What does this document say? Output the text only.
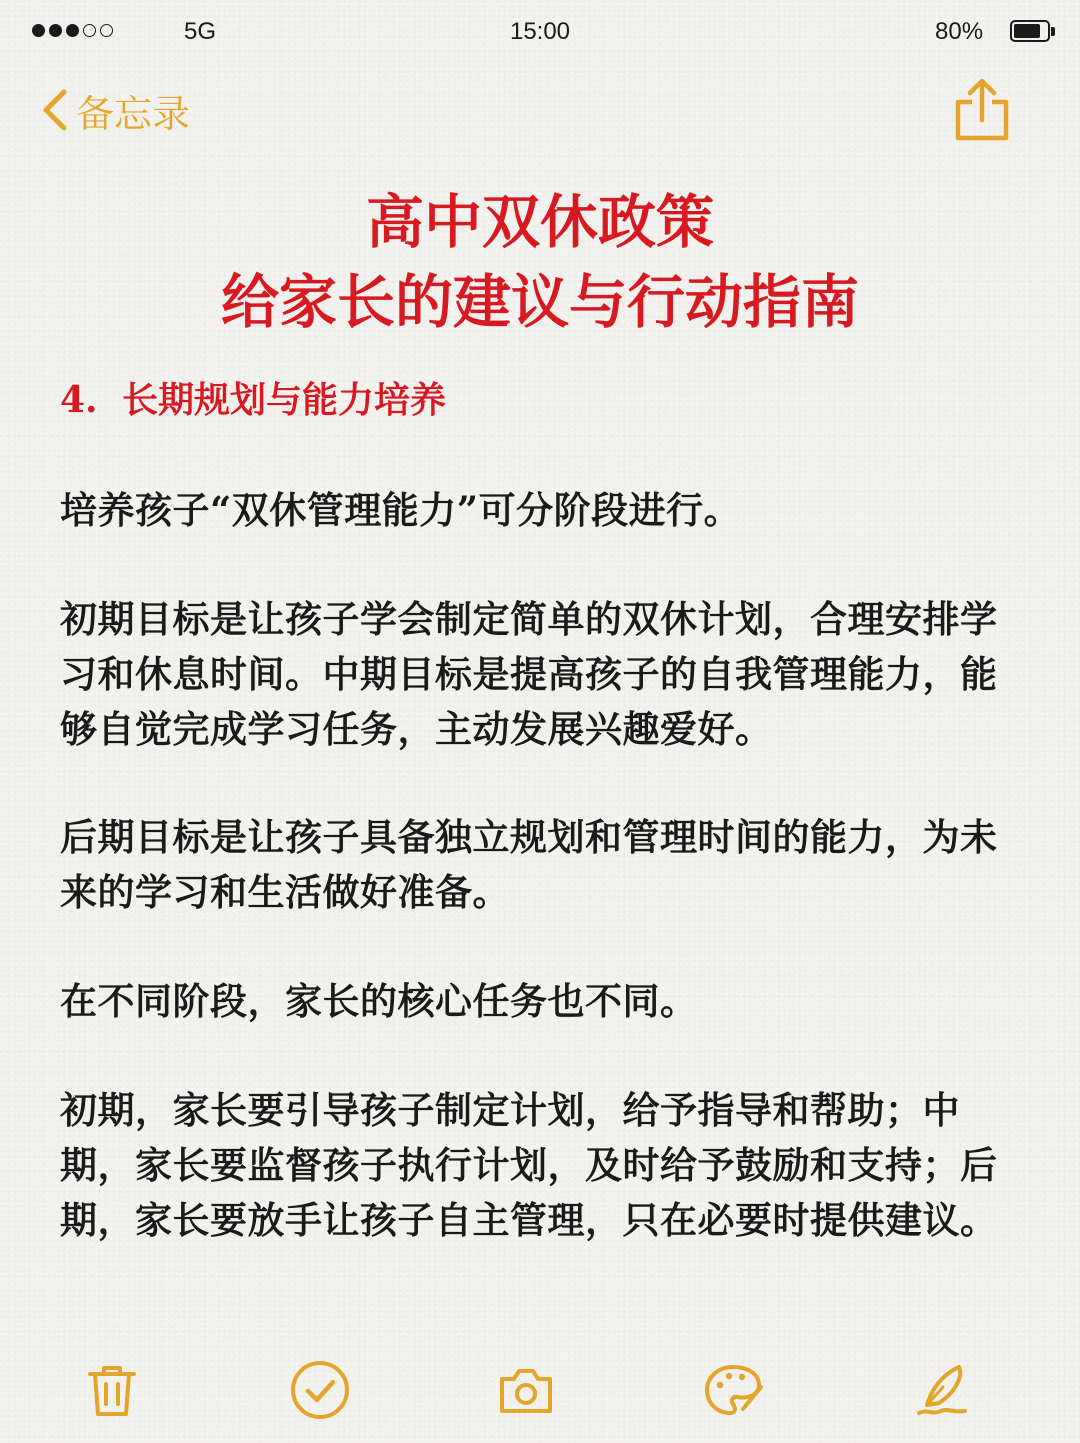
5G	15:00	80%
备忘录
高中双休政策
给家长的建议与行动指南
4. 长期规划与能力培养
培养孩子“双休管理能力”可分阶段进行。
初期目标是让孩子学会制定简单的双休计划，合理安排学习和休息时间。中期目标是提高孩子的自我管理能力，能够自觉完成学习任务，主动发展兴趣爱好。
后期目标是让孩子具备独立规划和管理时间的能力，为未来的学习和生活做好准备。
在不同阶段，家长的核心任务也不同。
初期，家长要引导孩子制定计划，给予指导和帮助；中期，家长要监督孩子执行计划，及时给予鼓励和支持；后期，家长要放手让孩子自主管理，只在必要时提供建议。
